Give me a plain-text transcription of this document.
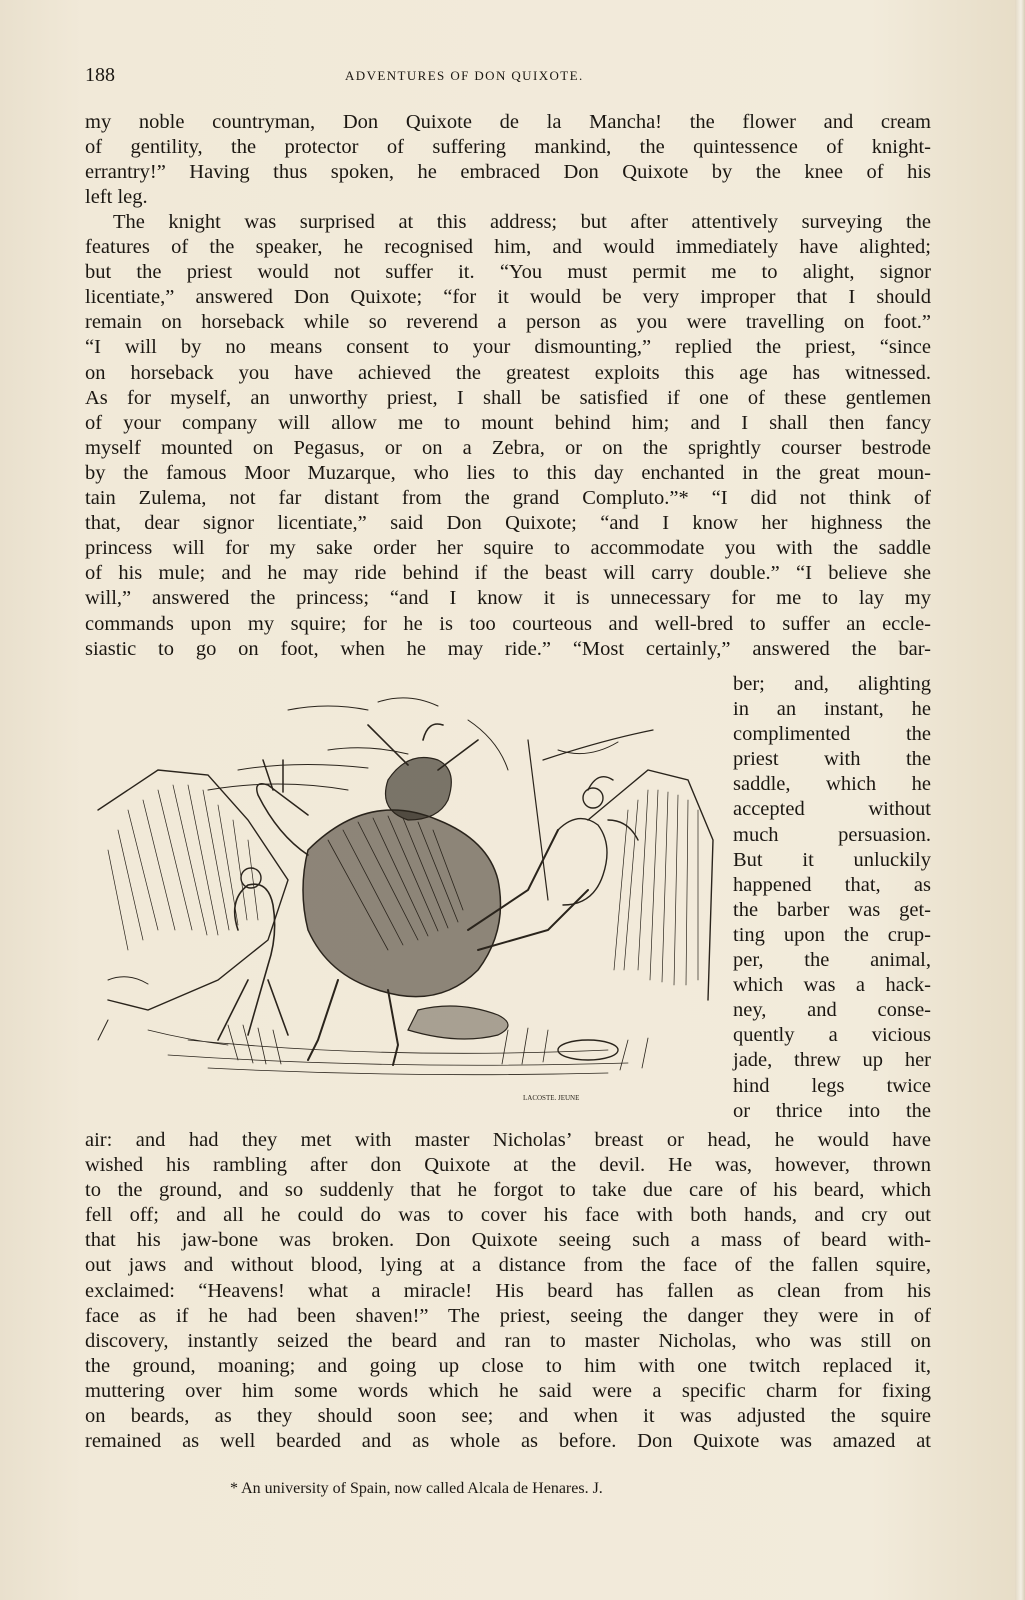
188	ADVENTURES OF DON QUIXOTE.
my noble countryman, Don Quixote de la Mancha! the flower and cream
of gentility, the protector of suffering mankind, the quintessence of knight-
errantry!” Having thus spoken, he embraced Don Quixote by the knee of his
left leg.
The knight was surprised at this address; but after attentively surveying the
features of the speaker, he recognised him, and would immediately have alighted;
but the priest would not suffer it. “You must permit me to alight, signor
licentiate,” answered Don Quixote; “for it would be very improper that I should
remain on horseback while so reverend a person as you were travelling on foot.”
“I will by no means consent to your dismounting,” replied the priest, “since
on horseback you have achieved the greatest exploits this age has witnessed.
As for myself, an unworthy priest, I shall be satisfied if one of these gentlemen
of your company will allow me to mount behind him; and I shall then fancy
myself mounted on Pegasus, or on a Zebra, or on the sprightly courser bestrode
by the famous Moor Muzarque, who lies to this day enchanted in the great moun-
tain Zulema, not far distant from the grand Compluto.”* “I did not think of
that, dear signor licentiate,” said Don Quixote; “and I know her highness the
princess will for my sake order her squire to accommodate you with the saddle
of his mule; and he may ride behind if the beast will carry double.” “I believe she
will,” answered the princess; “and I know it is unnecessary for me to lay my
commands upon my squire; for he is too courteous and well-bred to suffer an eccle-
siastic to go on foot, when he may ride.” “Most certainly,” answered the bar-
LACOSTE. JEUNE
ber; and, alighting
in an instant, he
complimented the
priest with the
saddle, which he
accepted without
much persuasion.
But it unluckily
happened that, as
the barber was get-
ting upon the crup-
per, the animal,
which was a hack-
ney, and conse-
quently a vicious
jade, threw up her
hind legs twice
or thrice into the
air: and had they met with master Nicholas’ breast or head, he would have
wished his rambling after don Quixote at the devil. He was, however, thrown
to the ground, and so suddenly that he forgot to take due care of his beard, which
fell off; and all he could do was to cover his face with both hands, and cry out
that his jaw-bone was broken. Don Quixote seeing such a mass of beard with-
out jaws and without blood, lying at a distance from the face of the fallen squire,
exclaimed: “Heavens! what a miracle! His beard has fallen as clean from his
face as if he had been shaven!” The priest, seeing the danger they were in of
discovery, instantly seized the beard and ran to master Nicholas, who was still on
the ground, moaning; and going up close to him with one twitch replaced it,
muttering over him some words which he said were a specific charm for fixing
on beards, as they should soon see; and when it was adjusted the squire
remained as well bearded and as whole as before. Don Quixote was amazed at
* An university of Spain, now called Alcala de Henares. J.
